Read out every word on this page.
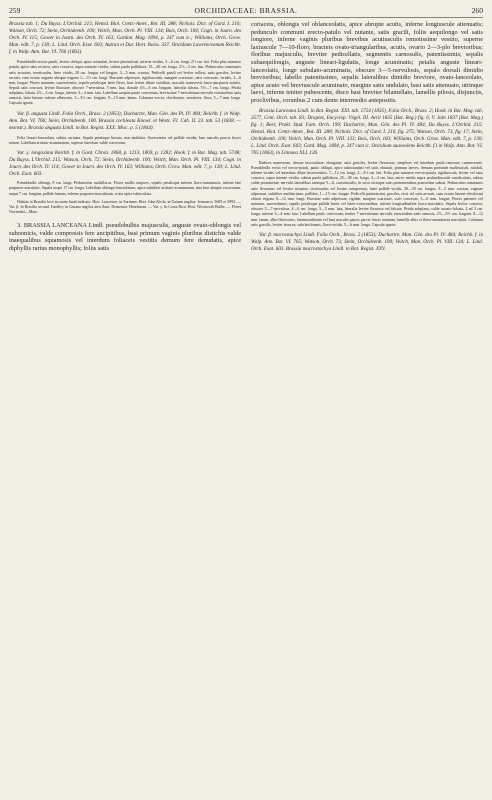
259	ORCHIDACEAE: BRASSIA.	260

Brassia tab. 1; Du Buyss. L'Orchid. 215; Hemsl. Biol. Centr.-Amer., Bot. III. 288; Nichols. Dict. of Gard. I. 210; Watson, Orch. 72; Stein, Orchideenb. 100; Veitch, Man. Orch. Pl. VIII. 134; Bois, Orch. 184; Cogn. in Journ. des Orch. IV. 115; Gower in Journ. des Orch. IV. 163; Gardon. Mag. 1894, p. 247 cum ic.; Williams, Orch. Grow. Man. edit. 7, p. 130; L. Lind. Orch. Exot. 603; Autran et Dur. Hort. Boiss. 337. Oncidium Lawrenceanum Reichb. f. in Walp. Ann. Bot. VI. 766 (1863).

Pseudobulbi erecto-patuli, leviter obliqui, apice rotundati, leviter plurisulcati, inferne virides, 5—6 cm. longi, 2½ cm. lati. Folia plus minusve patula, apice satis recurva, satis concava, supra saturate viridia, subtus paulo pallidiora, 15—20 cm. longa, 2½—3 cm. lata. Pedunculus communis satis arcuatus, tereticaulus, laete viridis, 20 cm. longus vel longior, 3—5 mm. crassus. Pedicelli patuli vel leviter reflexi, satis graciles, leviter arcuati, cum ovario anguste abrupte trigono 1—1½ cm. longi. Bracteae adpressae, rigidiusculae, margine scariosae, satis concavae, virides, 3—6 mm. longae. Flores nutantes, suaveolentes, sepalis petalisque laete flavis, basi leviter dilute viridibus, maculis transversis fusco-purpureis notatis. Sepala satis concava, leviter Brassiae, obscure 7-nervulosa, 5 mm. lata, dorsale 4½—6 cm. longum, lateralia falcata, 5½—7 cm. longa. Petala subplana, lobata, 2½—3 cm. longa, inferne 3—4 mm. lata. Labellum saepius paulo convexum, brevissime 7-nervulosum nervulis exterioribus satis ramosis, laete luteum inferne albescens, 3—3½ cm. longum, 9—13 mm. latum. Columna erecta, claviformis, semiteres, flava, 5—7 mm. longa. Capsula ignota.

Var. β. angusta Lindl. Folia Orch., Brass. 2 (1853); Duchartre, Man. Gén. des Pl. IV. 484; Reichb. f. in Walp. Ann. Bot. VI. 766; Stein, Orchideenb. 100. Brassia cochleata Knowl. et Westc. Fl. Cab. II. 23. tab. 53 (1838, — monstr.). Brassia angusta Lindl. in Bot. Regist. XXX. Misc. p. 5 (1844).

Folia lineari-lanceolata, subtus carinata. Sepala petalaque lineata, non undulata, flavescentia vel pallide viridia, basi maculis paucis fuscis notata. Labellum aristato-acuminatum, superne luteolum valde convexum.

Var. γ. longissima Reichb. f. in Gard. Chron. 1868, p. 1213, 1869, p. 1282; Hook. f. in Bot. Mag. tab. 5748; Du Buyss. L'Orchid. 215; Watson, Orch. 72; Stein, Orchideenb. 100; Veitch, Man. Orch. Pl. VIII. 134; Cogn. in Journ. des Orch. IV. 114; Gower in Journ. des Orch. IV. 163; Williams, Orch. Grow. Man. edit. 7, p. 130; L. Lind. Orch. Exot. 603.

Pseudobulbi oblongi, 8 cm. longi. Pedunculus multiflorus. Flores mollis majores, sepalis petalisque inferne flavo-aurantiacis, inferne late purpureo-maculatis. Sepala usque 17 cm. longa. Labellum oblongo-lanceolatum, apice subtiliter aristato-acuminatum, ima basi abrupte excavatum, usque 7 cm. longum, pallide luteum, inferne purpureo-maculatum, crista apice tuberculata.

Habitat in Brasilia loco accurate haud indicato: Hort. Lawrence; in Surinam: Hort. John Kirck; in Guiana anglica: Jenman n. 5685 et 5893. — Var. β. In Brasilia secund. Lindley; in Guiana anglica area flum. Demerara: Henchman. — Var. γ. In Costa Rica: Hort. Westworth Buller. — Floret Novembri—Maio.

3. BRASSIA LANCEANA Lindl. pseudobulbis majusculis, anguste ovato-oblongis vel suboonicis, valde compressis fere ancipitibus, basi primum vaginis pluribus distichis valde inaequalibus squamosis vel interdum foliaceis vestitis demum fere denudatis, apice diphyllis rarius monophyllis; foliis satis

coriaceis, oblongis vel oblanceolatis, apice abrupte acutis, inferne longiuscule attenuatis; pedunculo communi erecto-patulo vel nutante, satis gracili, foliis aequilongo vel satis longiore, inferne vaginis pluribus brevibus acutiusculis remotissime vestito, superne laxiuscule 7—10-floro; bracteis ovato-triangularibus, acutis, ovario 2—3-plo brevioribus; floribus majusculis, breviter pedicellatis, segmentis carnosulis, patentissimis; sepalis subaequilongis, anguste lineari-ligulatis, longe acuminatis; petalis anguste lineari-lanceolatis, longe subulato-acuminatis, obscure 3—5-nervulosis, sepalo dorsali dimidio brevioribus; labello patentissimo, sepalis lateralibus dimidio breviore, ovato-lanceolato, apice acuto vel breviuscule acuminato, margine satis undulato, basi satis attenuato, utrinque laevi, inferne teniter pubescente, disco basi breviter bilamellato, lamellis pilosis, disjunctis, proclivibus, corunbus 2 cum dente intermedio antepositis.

Brassia Lanceana Lindl. in Bot. Regist. XXI. tab. 1754 (1835), Folia Orch., Brass. 2; Hook. in Bot. Mag. tab. 3577, Cent. Orch. tab. 83; Drapiez, Encyclop. Végét. III. Avril 1835 (Bot. Reg.) fig. 6, V. Jain 1837 (Bot. Mag.) fig. 1; Beer, Prakt. Stud. Fam. Orch. 199; Duchartre, Man. Gén. des Pl. IV. 484; Du Buyss. L'Orchid. 215; Hemsl. Biol. Centr.-Amer., Bot. III. 288; Nichols. Dict. of Gard. I. 210, fig. 275; Watson, Orch. 73, fig. 17; Stein, Orchideenb. 100; Veitch, Man. Orch. Pl. VIII. 133; Bois, Orch. 183; Williams, Orch. Grow. Man. edit. 7, p. 130; L. Lind. Orch. Exot. 603; Gard. Mag. 1894, p. 247 cum ic. Oncidium suaveolens Reichb. f.l in Walp. Ann. Bot. VI. 765 (1863), in Linnaea XLI. 126.

Radices numerosae, densae fasciculatae, elongatae, satis graciles, leviter flexuosae, simplices vel interdum paulo ramosae, cumescentes. Pseudobulbi erecti vel erecto-patuli, paulo obliqui, apice subrotundati vel satis obtusati, primum laeves, demum profunde multisulcati, nitiduli, inferne virides vel interdum dilute fuscescentes, 7—12 cm. longi, 2—3½ cm. lati. Folia plus minusve erecto-patula, rigidiuscula, leviter vel satis concava, supra intense viridia, subtus paulo pallidiora, 25—30 cm. longa, 3—4 cm. lata; nervo medio supra profundiuscule canaliculato, subtus valde prominente; nervulis lateralibus utrinque 5—6, crassiusculis, in sicco utrinque satis prominentibus praesertim subtus. Pedunculus communis satis flexuosus vel leviter arcuatus, tereticaulus vel leviter compressus, laete pallide viridis, 20—50 cm. longus, 3—5 mm. crassus; vaginae adpressae, subtiliter multistriatae, pallidae, 1—1½ cm. longae. Pedicelli patentissimi, graciles, recti vel satis arcuati, cum ovario lineari-claviformi obtuse trigono 8—12 mm. longi. Bracteae satis adpressae, rigidae, margine scariosae, satis concavae, 3—6 mm. longae. Flores patentes vel nutantes, suaveolentes, sepalis petalisque pallide luteis vel luteo-virescentibus, inferne longitudinaliter fusco-maculatis. Sepala leviter concava, obscure 5—7-nervulosa, 4—6 cm. longa, 3—5 mm. lata, lateralia leviter flexuosa vel falcata. Petala subplana, valde acuato-falcata, 2 ad 3 cm. longa, inferne 3—4 mm. lata. Labellum paulo convexum, teniter 7-nervulosum nervulis exterioribus satis ramosis, 2½—3½ cm. longum, 8—12 mm. latum, albo-flavescens, luminoaultatum vel basi maculis paucis parvis fuscis notatum, lamellis albis et flavo-aurantiacea maculatis. Columna satis gracilis, leviter incurva, subclaviformis, flavo-viridis, 5—6 mm. longa. Capsula ignota.

Var. β. macrostachya Lindl. Folia Orch., Brass. 2 (1853); Duchartre, Man. Gén. des Pl. IV. 484; Reichb. f. in Walp. Ann. Bot. VI. 765; Watson, Orch. 73; Stein, Orchideenb. 100; Veitch, Man. Orch. Pl. VIII. 134; L. Lind. Orch. Exot. 603. Brassia macrostachya Lindl. in Bot. Regist. XXV.
